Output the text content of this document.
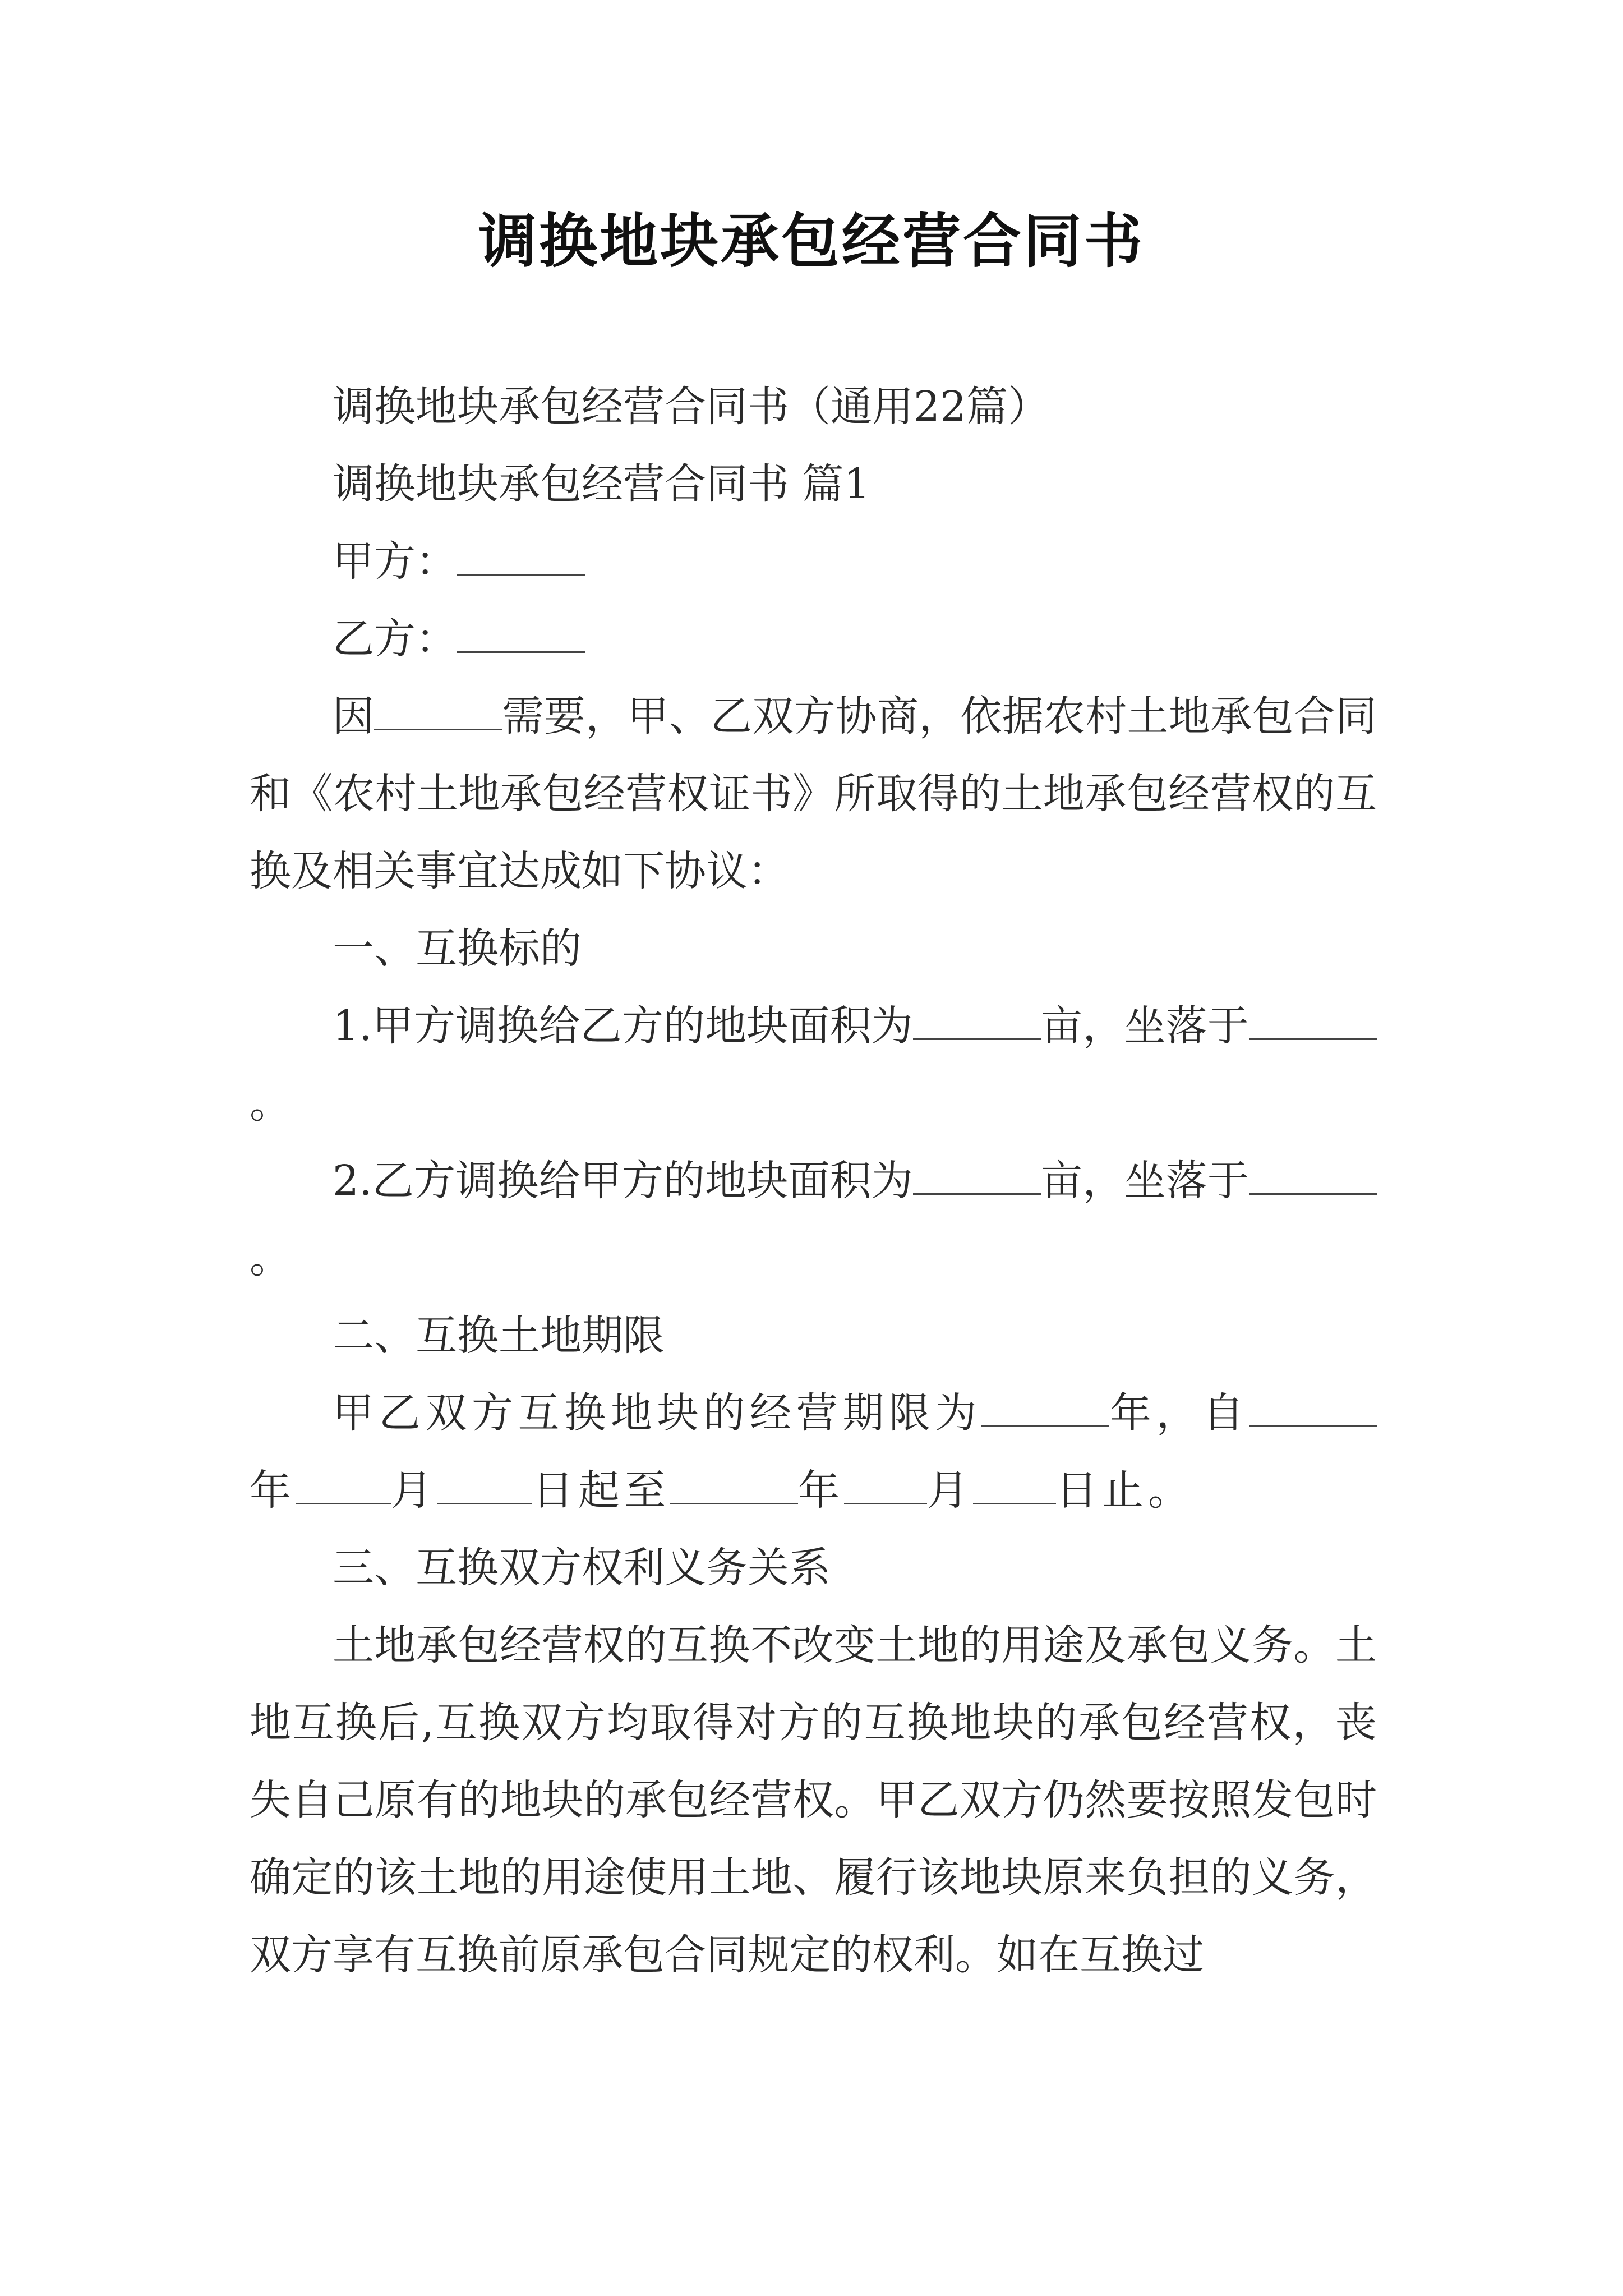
调换地块承包经营合同书

调换地块承包经营合同书（通用22篇）

调换地块承包经营合同书 篇1

甲方：

乙方：

因	需要，甲、乙双方协商，依据农村土地承包合同和《农村土地承包经营权证书》所取得的土地承包经营权的互换及相关事宜达成如下协议：

一、互换标的

1.甲方调换给乙方的地块面积为	亩，坐落于。

2.乙方调换给甲方的地块面积为	亩，坐落于。

二、互换土地期限

甲乙双方互换地块的经营期限为	年，自年 月 日起至	年 月 日止。

三、互换双方权利义务关系

土地承包经营权的互换不改变土地的用途及承包义务。土地互换后,互换双方均取得对方的互换地块的承包经营权，丧失自己原有的地块的承包经营权。甲乙双方仍然要按照发包时确定的该土地的用途使用土地、履行该地块原来负担的义务，双方享有互换前原承包合同规定的权利。如在互换过
